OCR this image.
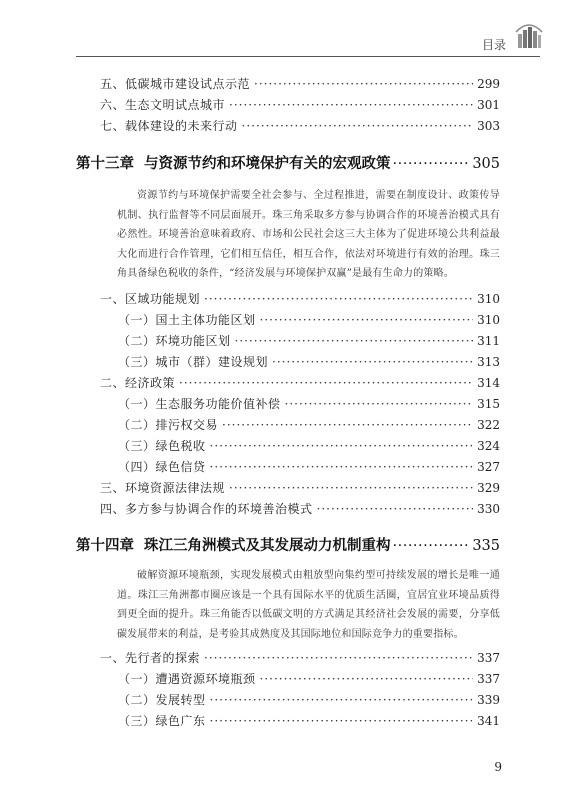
目录
五、低碳城市建设试点示范 ·····	299
六、生态文明试点城市 ·····	301
七、载体建设的未来行动 ·····	303
第十三章 与资源节约和环境保护有关的宏观政策 ·····	305

资源节约与环境保护需要全社会参与、全过程推进，需要在制度设计、政策传导机制、执行监督等不同层面展开。珠三角采取多方参与协调合作的环境善治模式具有必然性。环境善治意味着政府、市场和公民社会这三大主体为了促进环境公共利益最大化而进行合作管理，它们相互信任，相互合作，依法对环境进行有效的治理。珠三角具备绿色税收的条件，“经济发展与环境保护双赢”是最有生命力的策略。

一、区域功能规划 ·····	310
（一）国土主体功能区划 ·····	310
（二）环境功能区划 ·····	311
（三）城市（群）建设规划 ·····	313
二、经济政策 ·····	314
（一）生态服务功能价值补偿 ·····	315
（二）排污权交易 ·····	322
（三）绿色税收 ·····	324
（四）绿色信贷 ·····	327
三、环境资源法律法规 ·····	329
四、多方参与协调合作的环境善治模式 ·····	330
第十四章 珠江三角洲模式及其发展动力机制重构 ·····	335

破解资源环境瓶颈，实现发展模式由粗放型向集约型可持续发展的增长是唯一通道。珠江三角洲都市圈应该是一个具有国际水平的优质生活圈，宜居宜业环境品质得到更全面的提升。珠三角能否以低碳文明的方式满足其经济社会发展的需要，分享低碳发展带来的利益，是考验其成熟度及其国际地位和国际竞争力的重要指标。

一、先行者的探索 ·····	337
（一）遭遇资源环境瓶颈 ·····	337
（二）发展转型 ·····	339
（三）绿色广东 ·····	341
9
